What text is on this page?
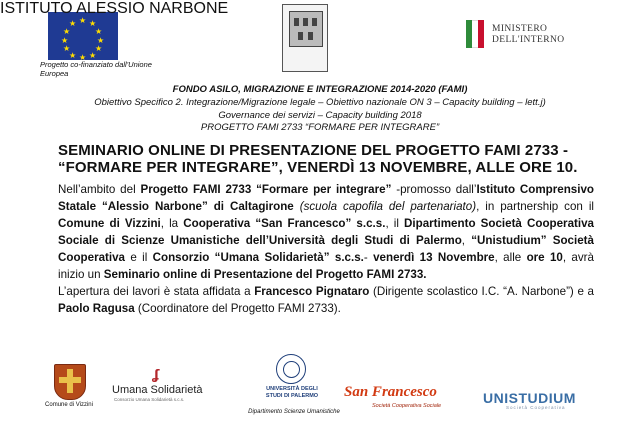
★ ★
★
★
★
★
★
★
★
★
★
★
Progetto co-finanziato dall'Unione Europea
ISTITUTO ALESSIO NARBONE
MINISTERO DELL'INTERNO
FONDO ASILO, MIGRAZIONE E INTEGRAZIONE 2014-2020 (FAMI)
Obiettivo Specifico 2. Integrazione/Migrazione legale – Obiettivo nazionale ON 3 – Capacity building – lett.j)
Governance dei servizi – Capacity building 2018
PROGETTO FAMI 2733 “FORMARE PER INTEGRARE”
SEMINARIO ONLINE DI PRESENTAZIONE DEL PROGETTO FAMI 2733 - “FORMARE PER INTEGRARE”, VENERDÌ 13 NOVEMBRE, ALLE ORE 10.

Nell’ambito del Progetto FAMI 2733 “Formare per integrare” -promosso dall’Istituto Comprensivo Statale “Alessio Narbone” di Caltagirone (scuola capofila del partenariato), in partnership con il Comune di Vizzini, la Cooperativa “San Francesco” s.c.s., il Dipartimento Società Cooperativa Sociale di Scienze Umanistiche dell’Università degli Studi di Palermo, “Unistudium” Società Cooperativa e il Consorzio “Umana Solidarietà” s.c.s.- venerdì 13 Novembre, alle ore 10, avrà inizio un Seminario online di Presentazione del Progetto FAMI 2733.

L’apertura dei lavori è stata affidata a Francesco Pignataro (Dirigente scolastico I.C. “A. Narbone”) e a Paolo Ragusa (Coordinatore del Progetto FAMI 2733).

Comune di Vizzini
ʆ
Umana Solidarietà
Consorzio Umana Solidarietà s.c.s.
UNIVERSITÀ DEGLI STUDI DI PALERMO
Dipartimento Scienze Umanistiche
San Francesco
Società Cooperativa Sociale	UNISTUDIUM
Società Cooperativa
